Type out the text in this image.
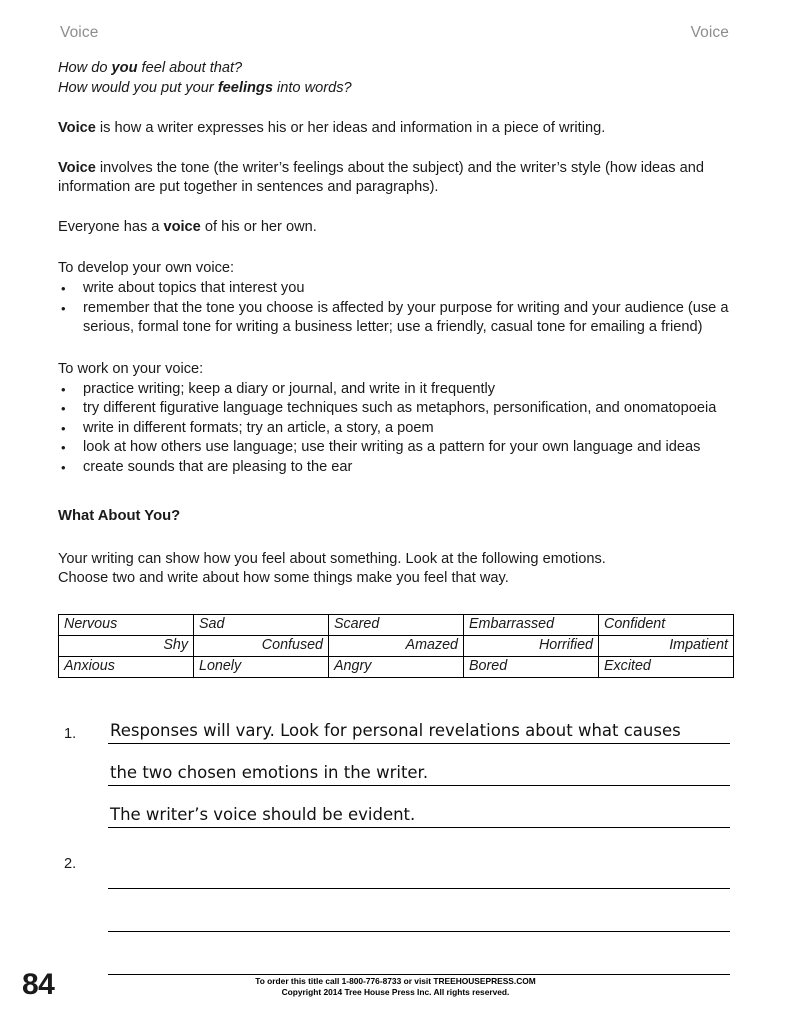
Voice	Voice
How do you feel about that?
How would you put your feelings into words?

Voice is how a writer expresses his or her ideas and information in a piece of writing.

Voice involves the tone (the writer’s feelings about the subject) and the writer’s style (how ideas and information are put together in sentences and paragraphs).

Everyone has a voice of his or her own.

To develop your own voice:

• write about topics that interest you
• remember that the tone you choose is affected by your purpose for writing and your audience (use a serious, formal tone for writing a business letter; use a friendly, casual tone for emailing a friend)

To work on your voice:

• practice writing; keep a diary or journal, and write in it frequently
• try different figurative language techniques such as metaphors, personification, and onomatopoeia
• write in different formats; try an article, a story, a poem
• look at how others use language; use their writing as a pattern for your own language and ideas
• create sounds that are pleasing to the ear
What About You?

Your writing can show how you feel about something. Look at the following emotions.
Choose two and write about how some things make you feel that way.

Nervous	Sad	Scared	Embarrassed	Confident
Shy	Confused	Amazed	Horrified	Impatient
Anxious	Lonely	Angry	Bored	Excited
1. Responses will vary. Look for personal revelations about what causes
the two chosen emotions in the writer.
The writer’s voice should be evident.
2.
84	To order this title call 1-800-776-8733 or visit TREEHOUSEPRESS.COM
Copyright 2014 Tree House Press Inc. All rights reserved.
